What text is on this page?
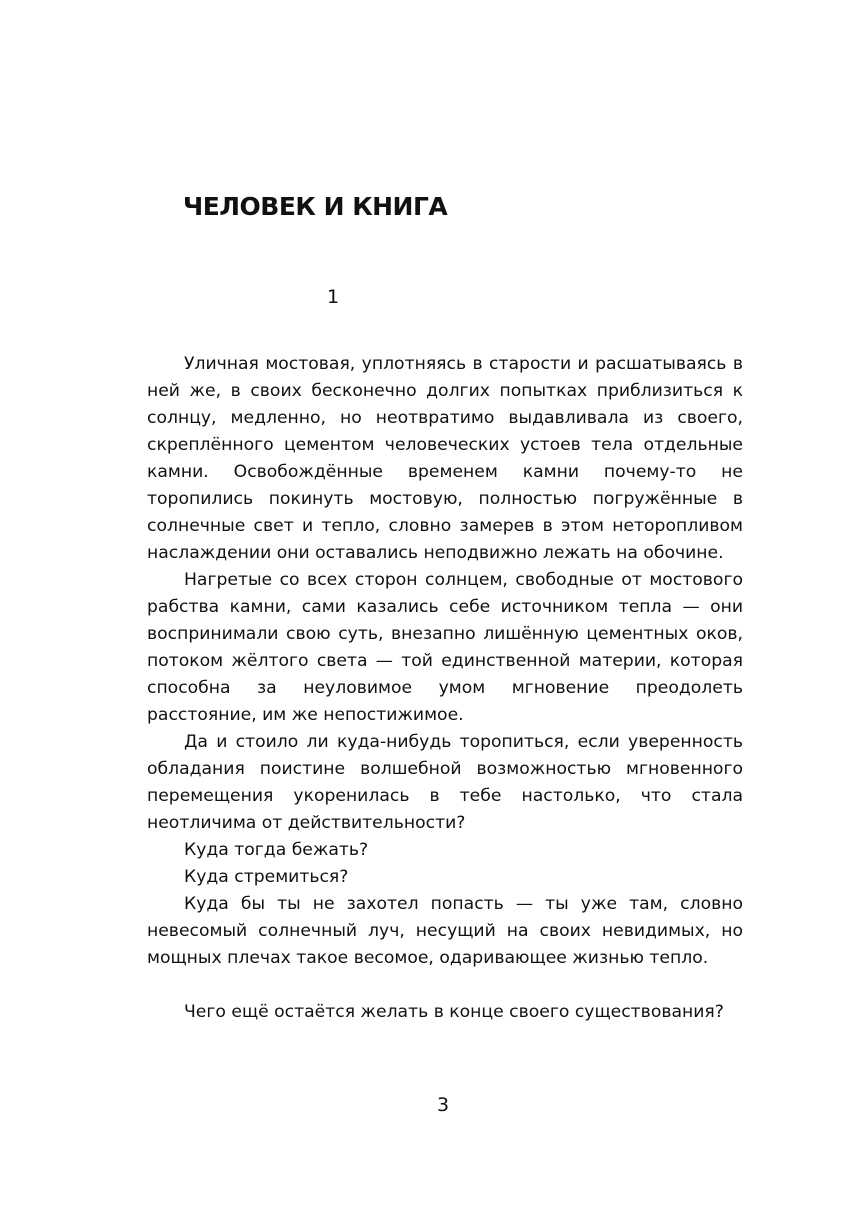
ЧЕЛОВЕК И КНИГА
1

Уличная мостовая, уплотняясь в старости и расшатываясь в ней же, в своих бесконечно долгих попытках приблизиться к солнцу, медленно, но неотвратимо выдавливала из своего, скреплённого цементом человеческих устоев тела отдельные камни. Освобождённые временем камни почему-то не торопились покинуть мостовую, полностью погружённые в солнечные свет и тепло, словно замерев в этом неторопливом наслаждении они оставались неподвижно лежать на обочине.

Нагретые со всех сторон солнцем, свободные от мостового рабства камни, сами казались себе источником тепла — они воспринимали свою суть, внезапно лишённую цементных оков, потоком жёлтого света — той единственной материи, которая способна за неуловимое умом мгновение преодолеть расстояние, им же непостижимое.

Да и стоило ли куда-нибудь торопиться, если уверенность обладания поистине волшебной возможностью мгновенного перемещения укоренилась в тебе настолько, что стала неотличима от действительности?

Куда тогда бежать?

Куда стремиться?

Куда бы ты не захотел попасть — ты уже там, словно невесомый солнечный луч, несущий на своих невидимых, но мощных плечах такое весомое, одаривающее жизнью тепло.

Чего ещё остаётся желать в конце своего существования?

3
